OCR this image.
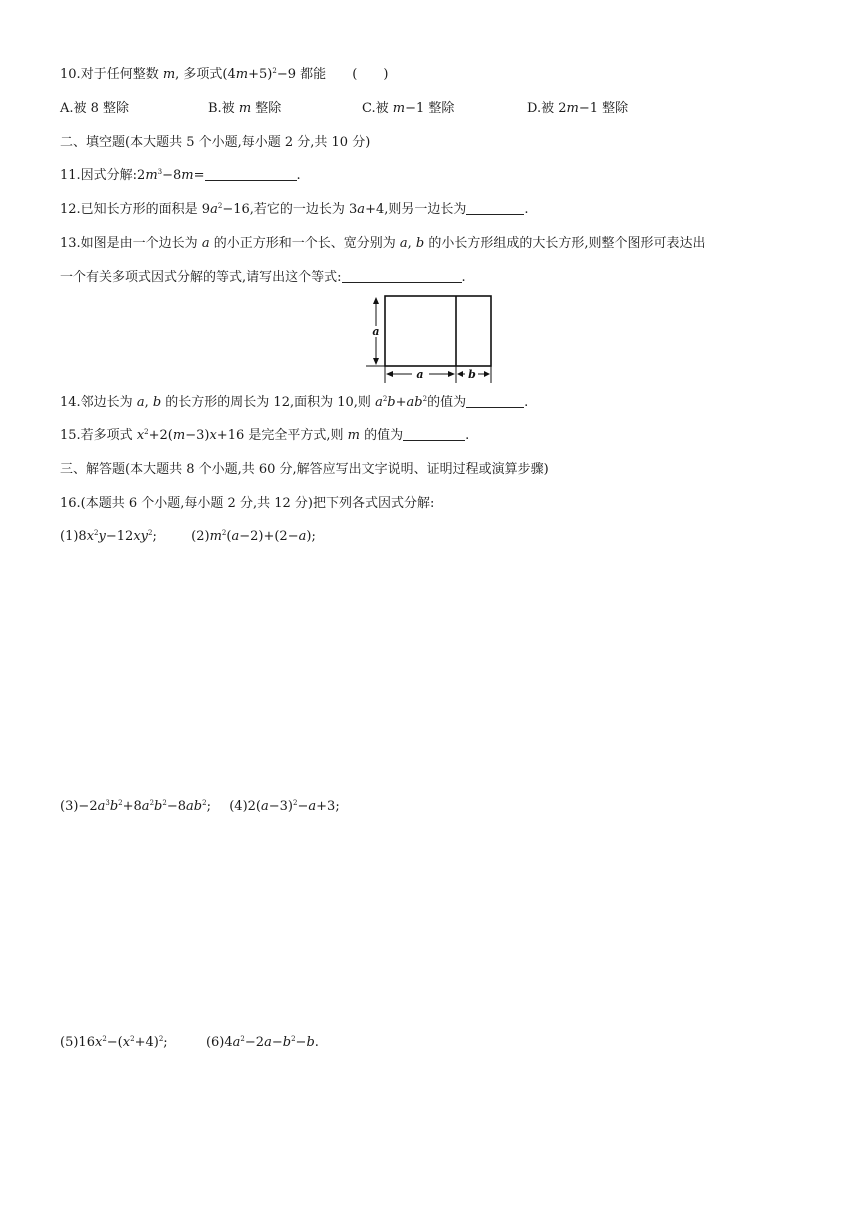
10.对于任何整数 m, 多项式$(4m+5)^2-9$ 都能 (　　)
A.被 8 整除	B.被 m 整除	C.被 m−1 整除	D.被 2m−1 整除
二、填空题(本大题共 5 个小题,每小题 2 分,共 10 分)
11.因式分解$:2m^3-8m=$	.
12.已知长方形的面积是 $9a^2-16$,若它的一边长为 3a+4,则另一边长为	.
13.如图是由一个边长为 a 的小正方形和一个长、宽分别为 a, b 的小长方形组成的大长方形,则整个图形可表达出
一个有关多项式因式分解的等式,请写出这个等式:	.
a
a	b
14.邻边长为 a, b 的长方形的周长为 12,面积为 10,则 $a^2b+ab^2$的值为	.
15.若多项式 $x^2+2(m-3)x+16$ 是完全平方式,则 m 的值为	.
三、解答题(本大题共 8 个小题,共 60 分,解答应写出文字说明、证明过程或演算步骤)
16.(本题共 6 个小题,每小题 2 分,共 12 分)把下列各式因式分解:
$(1)8x^2y-12xy^2$;	$(2)m^2(a-2)+(2-a)$;
$(3)-2a^3b^2+8a^2b^2-8ab^2$; $(4)2(a-3)^2-a+3$;
$(5)16x^2-(x^2+4)^2$;	$(6)4a^2-2a-b^2-b$.
